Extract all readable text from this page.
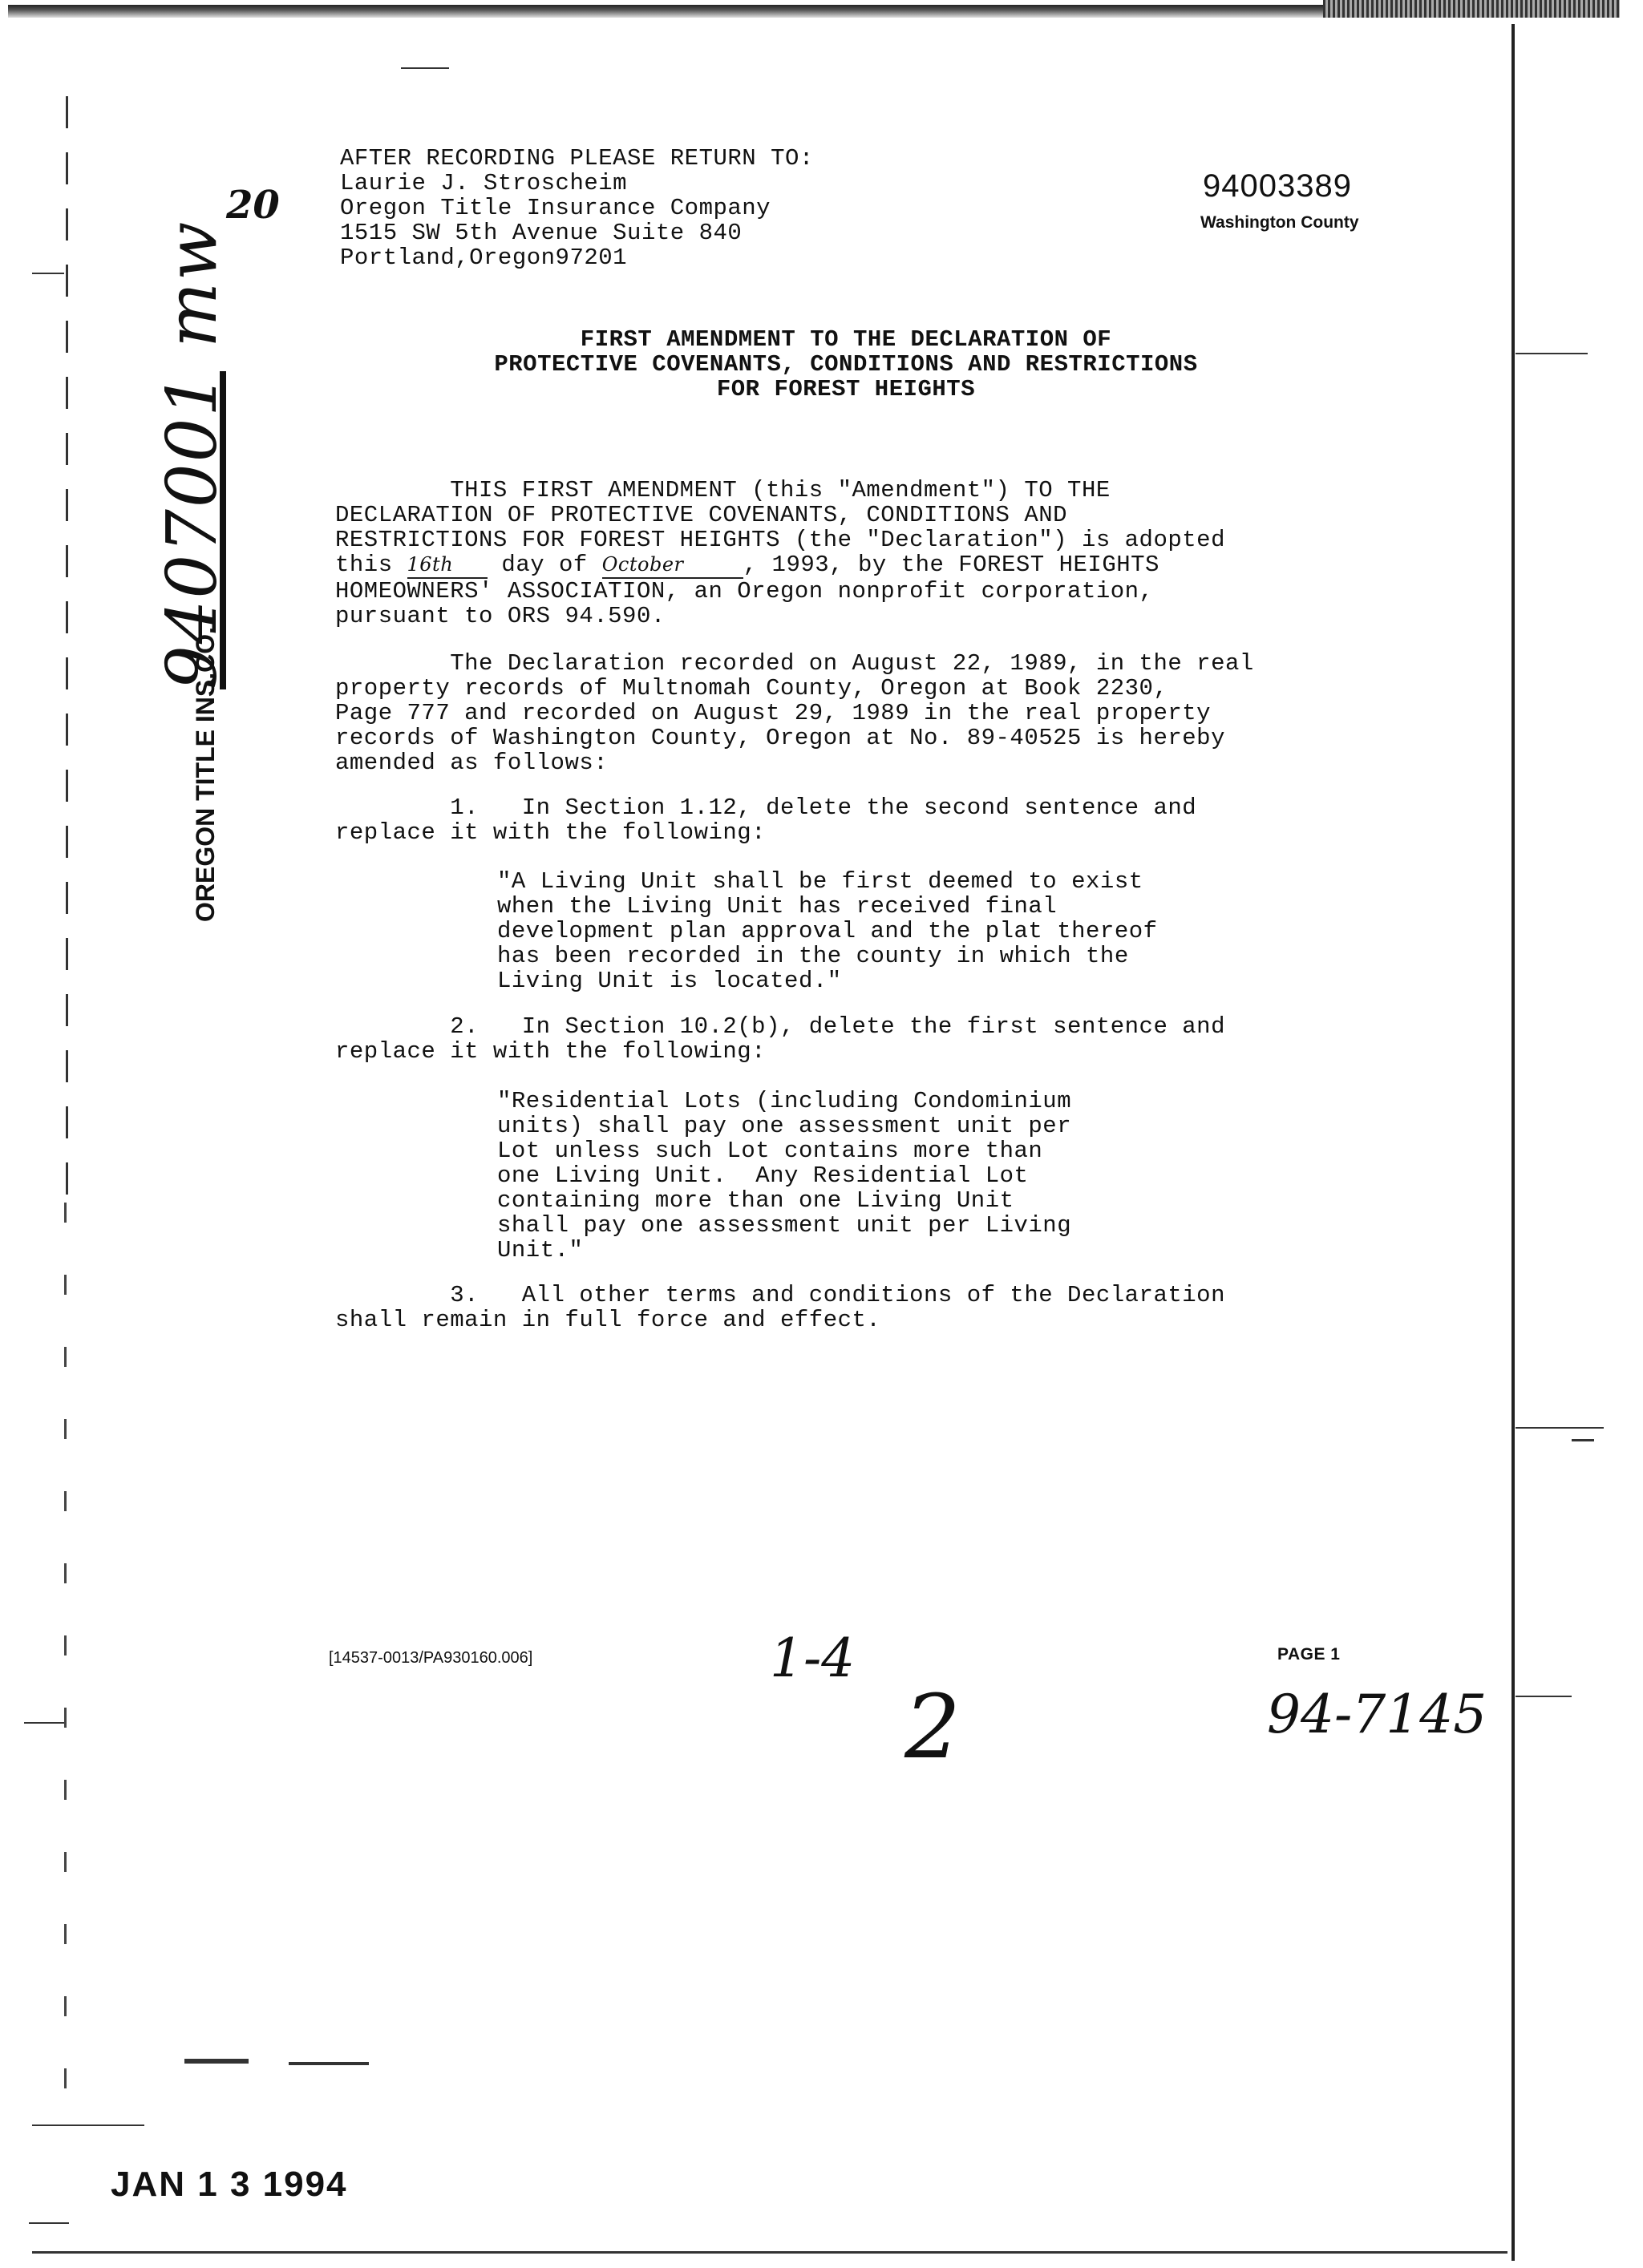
AFTER RECORDING PLEASE RETURN TO:
Laurie J. Stroscheim
Oregon Title Insurance Company
1515 SW 5th Avenue Suite 840
Portland,Oregon97201
94003389
Washington County
20
9407001 mw
OREGON TITLE INS.CO.
FIRST AMENDMENT TO THE DECLARATION OF
PROTECTIVE COVENANTS, CONDITIONS AND RESTRICTIONS
FOR FOREST HEIGHTS
THIS FIRST AMENDMENT (this "Amendment") TO THE
DECLARATION OF PROTECTIVE COVENANTS, CONDITIONS AND
RESTRICTIONS FOR FOREST HEIGHTS (the "Declaration") is adopted
this 16th day of October	, 1993, by the FOREST HEIGHTS
HOMEOWNERS' ASSOCIATION, an Oregon nonprofit corporation,
pursuant to ORS 94.590.
The Declaration recorded on August 22, 1989, in the real
property records of Multnomah County, Oregon at Book 2230,
Page 777 and recorded on August 29, 1989 in the real property
records of Washington County, Oregon at No. 89-40525 is hereby
amended as follows:
1.   In Section 1.12, delete the second sentence and
replace it with the following:
"A Living Unit shall be first deemed to exist
when the Living Unit has received final
development plan approval and the plat thereof
has been recorded in the county in which the
Living Unit is located."
2.   In Section 10.2(b), delete the first sentence and
replace it with the following:
"Residential Lots (including Condominium
units) shall pay one assessment unit per
Lot unless such Lot contains more than
one Living Unit.  Any Residential Lot
containing more than one Living Unit
shall pay one assessment unit per Living
Unit."
3.   All other terms and conditions of the Declaration
shall remain in full force and effect.
[14537-0013/PA930160.006]	PAGE 1
1-4
2	94-7145
JAN 1 3 1994
